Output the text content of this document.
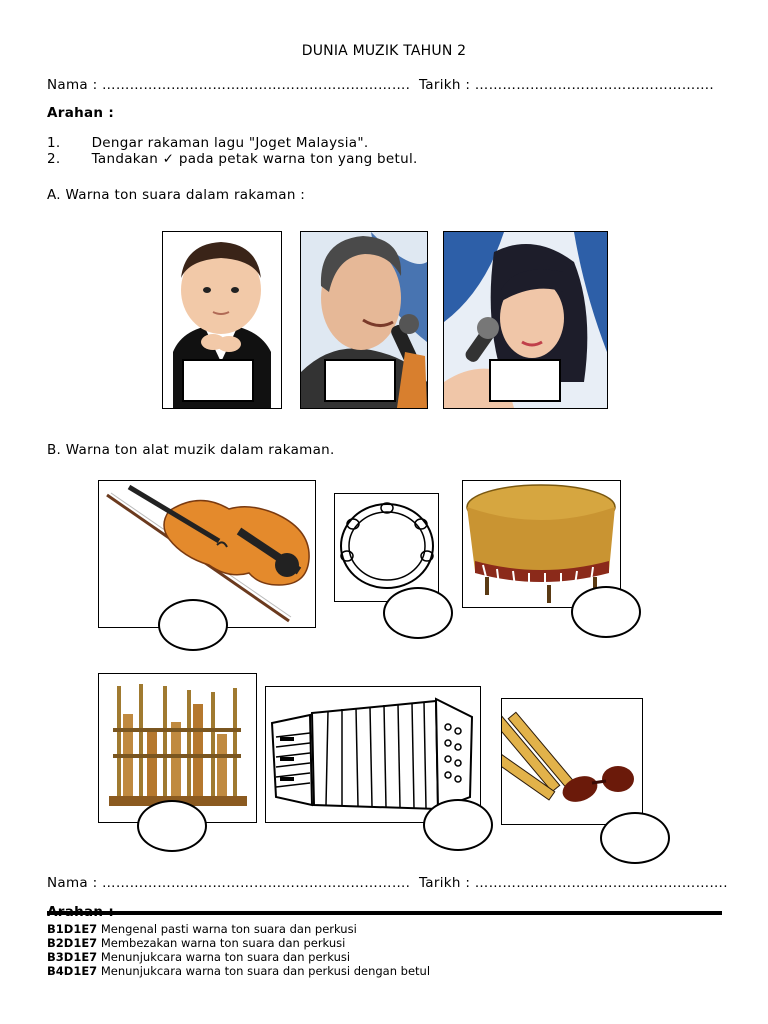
DUNIA MUZIK TAHUN 2
Nama : …………………………………………………………. Tarikh : …………………………………………….
Arahan :
1. Dengar rakaman lagu "Joget Malaysia".
2. Tandakan ✓ pada petak warna ton yang betul.
A. Warna ton suara dalam rakaman :
B. Warna ton alat muzik dalam rakaman.
Nama : …………………………………………………………. Tarikh : ……………………………………………….
B1D1E7 Mengenal pasti warna ton suara dan perkusi
B2D1E7 Membezakan warna ton suara dan perkusi
B3D1E7 Menunjukcara warna ton suara dan perkusi
B4D1E7 Menunjukcara warna ton suara dan perkusi dengan betul
